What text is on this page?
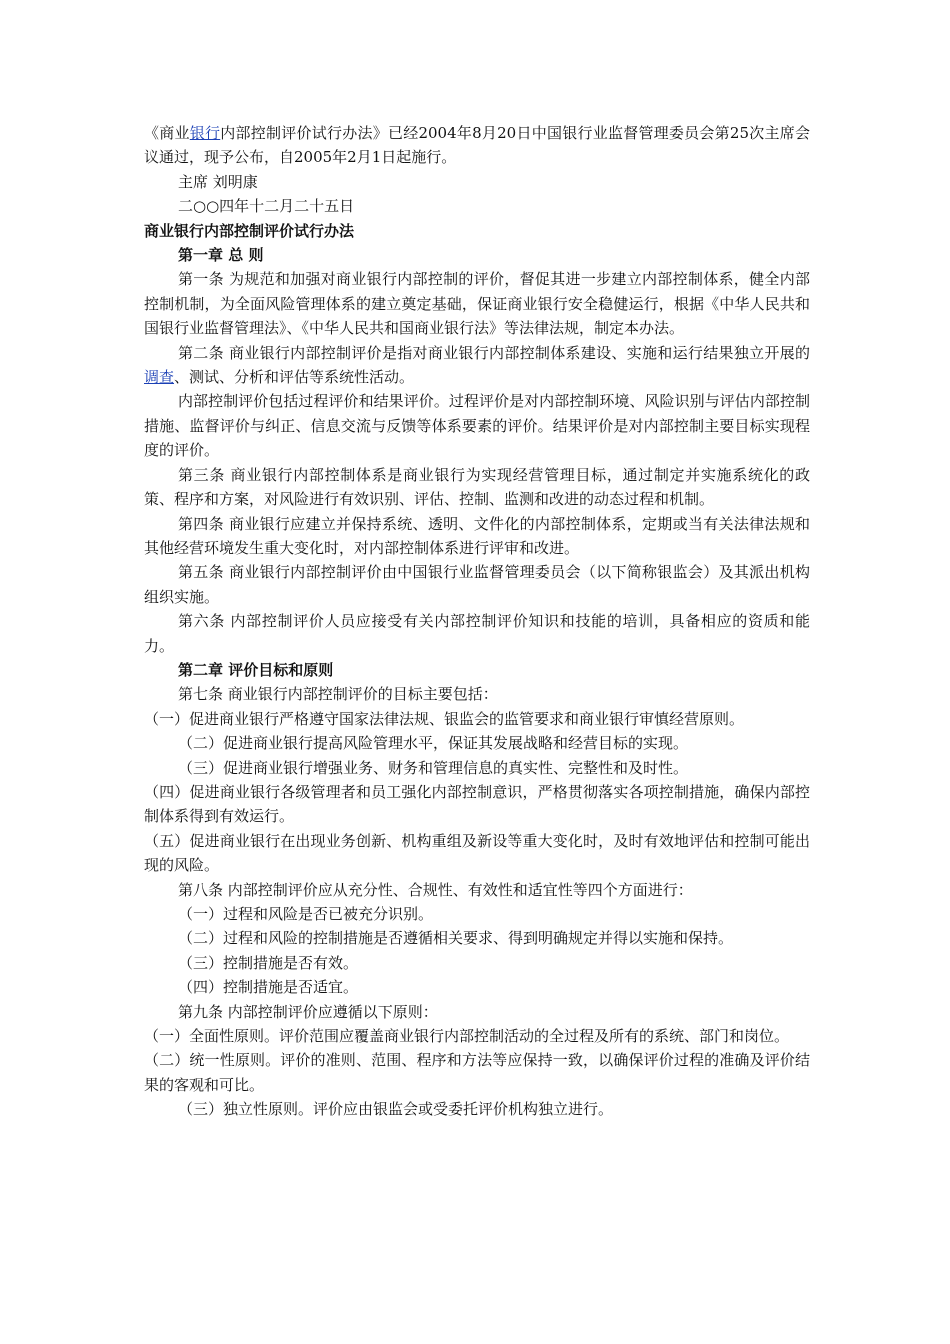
《商业银行内部控制评价试行办法》已经2004年8月20日中国银行业监督管理委员会第25次主席会议通过，现予公布，自2005年2月1日起施行。

主席 刘明康

二○○四年十二月二十五日

商业银行内部控制评价试行办法

第一章 总 则

第一条 为规范和加强对商业银行内部控制的评价，督促其进一步建立内部控制体系，健全内部控制机制，为全面风险管理体系的建立奠定基础，保证商业银行安全稳健运行，根据《中华人民共和国银行业监督管理法》、《中华人民共和国商业银行法》等法律法规，制定本办法。

第二条 商业银行内部控制评价是指对商业银行内部控制体系建设、实施和运行结果独立开展的调查、测试、分析和评估等系统性活动。

内部控制评价包括过程评价和结果评价。过程评价是对内部控制环境、风险识别与评估内部控制措施、监督评价与纠正、信息交流与反馈等体系要素的评价。结果评价是对内部控制主要目标实现程度的评价。

第三条 商业银行内部控制体系是商业银行为实现经营管理目标，通过制定并实施系统化的政策、程序和方案，对风险进行有效识别、评估、控制、监测和改进的动态过程和机制。

第四条 商业银行应建立并保持系统、透明、文件化的内部控制体系，定期或当有关法律法规和其他经营环境发生重大变化时，对内部控制体系进行评审和改进。

第五条 商业银行内部控制评价由中国银行业监督管理委员会（以下简称银监会）及其派出机构组织实施。

第六条 内部控制评价人员应接受有关内部控制评价知识和技能的培训，具备相应的资质和能力。

第二章 评价目标和原则

第七条 商业银行内部控制评价的目标主要包括：

（一）促进商业银行严格遵守国家法律法规、银监会的监管要求和商业银行审慎经营原则。

（二）促进商业银行提高风险管理水平，保证其发展战略和经营目标的实现。

（三）促进商业银行增强业务、财务和管理信息的真实性、完整性和及时性。

（四）促进商业银行各级管理者和员工强化内部控制意识，严格贯彻落实各项控制措施，确保内部控制体系得到有效运行。

（五）促进商业银行在出现业务创新、机构重组及新设等重大变化时，及时有效地评估和控制可能出现的风险。

第八条 内部控制评价应从充分性、合规性、有效性和适宜性等四个方面进行：

（一）过程和风险是否已被充分识别。

（二）过程和风险的控制措施是否遵循相关要求、得到明确规定并得以实施和保持。

（三）控制措施是否有效。

（四）控制措施是否适宜。

第九条 内部控制评价应遵循以下原则：

（一）全面性原则。评价范围应覆盖商业银行内部控制活动的全过程及所有的系统、部门和岗位。

（二）统一性原则。评价的准则、范围、程序和方法等应保持一致，以确保评价过程的准确及评价结果的客观和可比。

（三）独立性原则。评价应由银监会或受委托评价机构独立进行。
